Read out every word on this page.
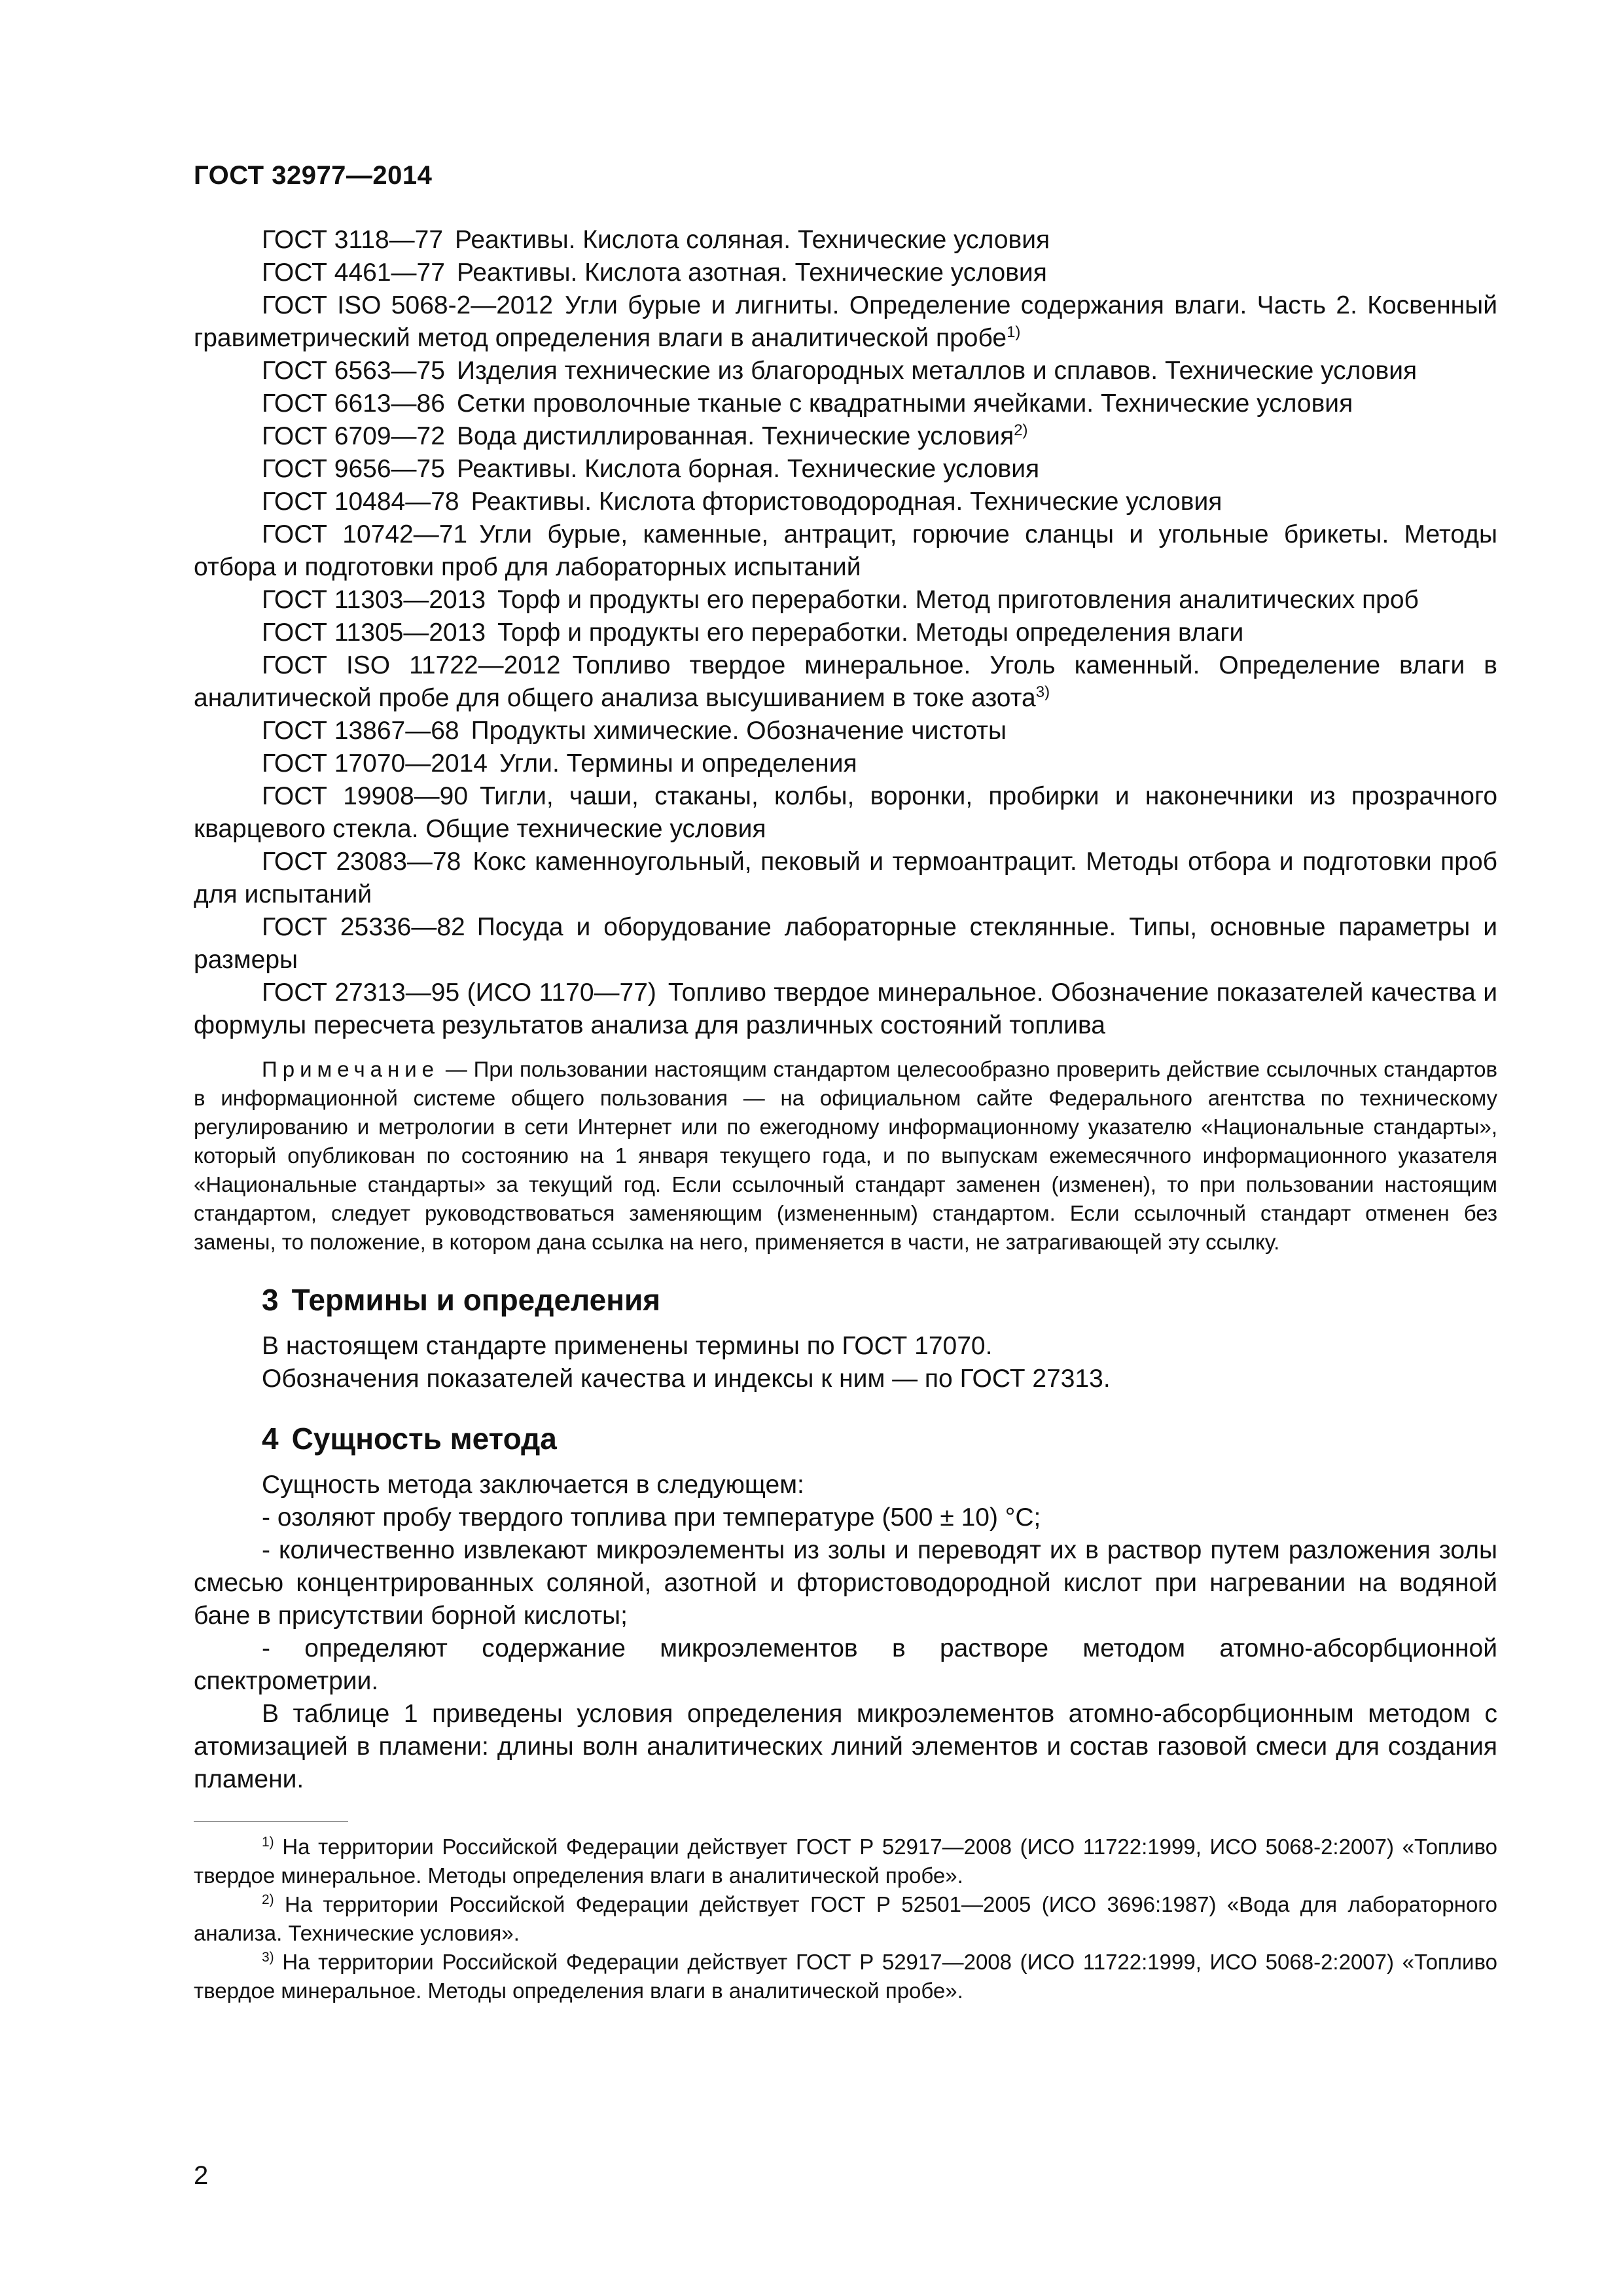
ГОСТ 32977—2014

ГОСТ 3118—77 Реактивы. Кислота соляная. Технические условия

ГОСТ 4461—77 Реактивы. Кислота азотная. Технические условия

ГОСТ ISO 5068-2—2012 Угли бурые и лигниты. Определение содержания влаги. Часть 2. Косвенный гравиметрический метод определения влаги в аналитической пробе$^{1)}$

ГОСТ 6563—75 Изделия технические из благородных металлов и сплавов. Технические условия

ГОСТ 6613—86 Сетки проволочные тканые с квадратными ячейками. Технические условия

ГОСТ 6709—72 Вода дистиллированная. Технические условия$^{2)}$

ГОСТ 9656—75 Реактивы. Кислота борная. Технические условия

ГОСТ 10484—78 Реактивы. Кислота фтористоводородная. Технические условия

ГОСТ 10742—71 Угли бурые, каменные, антрацит, горючие сланцы и угольные брикеты. Методы отбора и подготовки проб для лабораторных испытаний

ГОСТ 11303—2013 Торф и продукты его переработки. Метод приготовления аналитических проб

ГОСТ 11305—2013 Торф и продукты его переработки. Методы определения влаги

ГОСТ ISO 11722—2012 Топливо твердое минеральное. Уголь каменный. Определение влаги в аналитической пробе для общего анализа высушиванием в токе азота$^{3)}$

ГОСТ 13867—68 Продукты химические. Обозначение чистоты

ГОСТ 17070—2014 Угли. Термины и определения

ГОСТ 19908—90 Тигли, чаши, стаканы, колбы, воронки, пробирки и наконечники из прозрачного кварцевого стекла. Общие технические условия

ГОСТ 23083—78 Кокс каменноугольный, пековый и термоантрацит. Методы отбора и подготовки проб для испытаний

ГОСТ 25336—82 Посуда и оборудование лабораторные стеклянные. Типы, основные параметры и размеры

ГОСТ 27313—95 (ИСО 1170—77) Топливо твердое минеральное. Обозначение показателей качества и формулы пересчета результатов анализа для различных состояний топлива

Примечание — При пользовании настоящим стандартом целесообразно проверить действие ссылочных стандартов в информационной системе общего пользования — на официальном сайте Федерального агентства по техническому регулированию и метрологии в сети Интернет или по ежегодному информационному указателю «Национальные стандарты», который опубликован по состоянию на 1 января текущего года, и по выпускам ежемесячного информационного указателя «Национальные стандарты» за текущий год. Если ссылочный стандарт заменен (изменен), то при пользовании настоящим стандартом, следует руководствоваться заменяющим (измененным) стандартом. Если ссылочный стандарт отменен без замены, то положение, в котором дана ссылка на него, применяется в части, не затрагивающей эту ссылку.
3 Термины и определения

В настоящем стандарте применены термины по ГОСТ 17070.

Обозначения показателей качества и индексы к ним — по ГОСТ 27313.

4 Сущность метода

Сущность метода заключается в следующем:

- озоляют пробу твердого топлива при температуре (500 ± 10) °С;

- количественно извлекают микроэлементы из золы и переводят их в раствор путем разложения золы смесью концентрированных соляной, азотной и фтористоводородной кислот при нагревании на водяной бане в присутствии борной кислоты;

- определяют содержание микроэлементов в растворе методом атомно-абсорбционной спектрометрии.

В таблице 1 приведены условия определения микроэлементов атомно-абсорбционным методом с атомизацией в пламени: длины волн аналитических линий элементов и состав газовой смеси для создания пламени.

$^{1)}$ На территории Российской Федерации действует ГОСТ Р 52917—2008 (ИСО 11722:1999, ИСО 5068-2:2007) «Топливо твердое минеральное. Методы определения влаги в аналитической пробе».

$^{2)}$ На территории Российской Федерации действует ГОСТ Р 52501—2005 (ИСО 3696:1987) «Вода для лабораторного анализа. Технические условия».

$^{3)}$ На территории Российской Федерации действует ГОСТ Р 52917—2008 (ИСО 11722:1999, ИСО 5068-2:2007) «Топливо твердое минеральное. Методы определения влаги в аналитической пробе».

2
